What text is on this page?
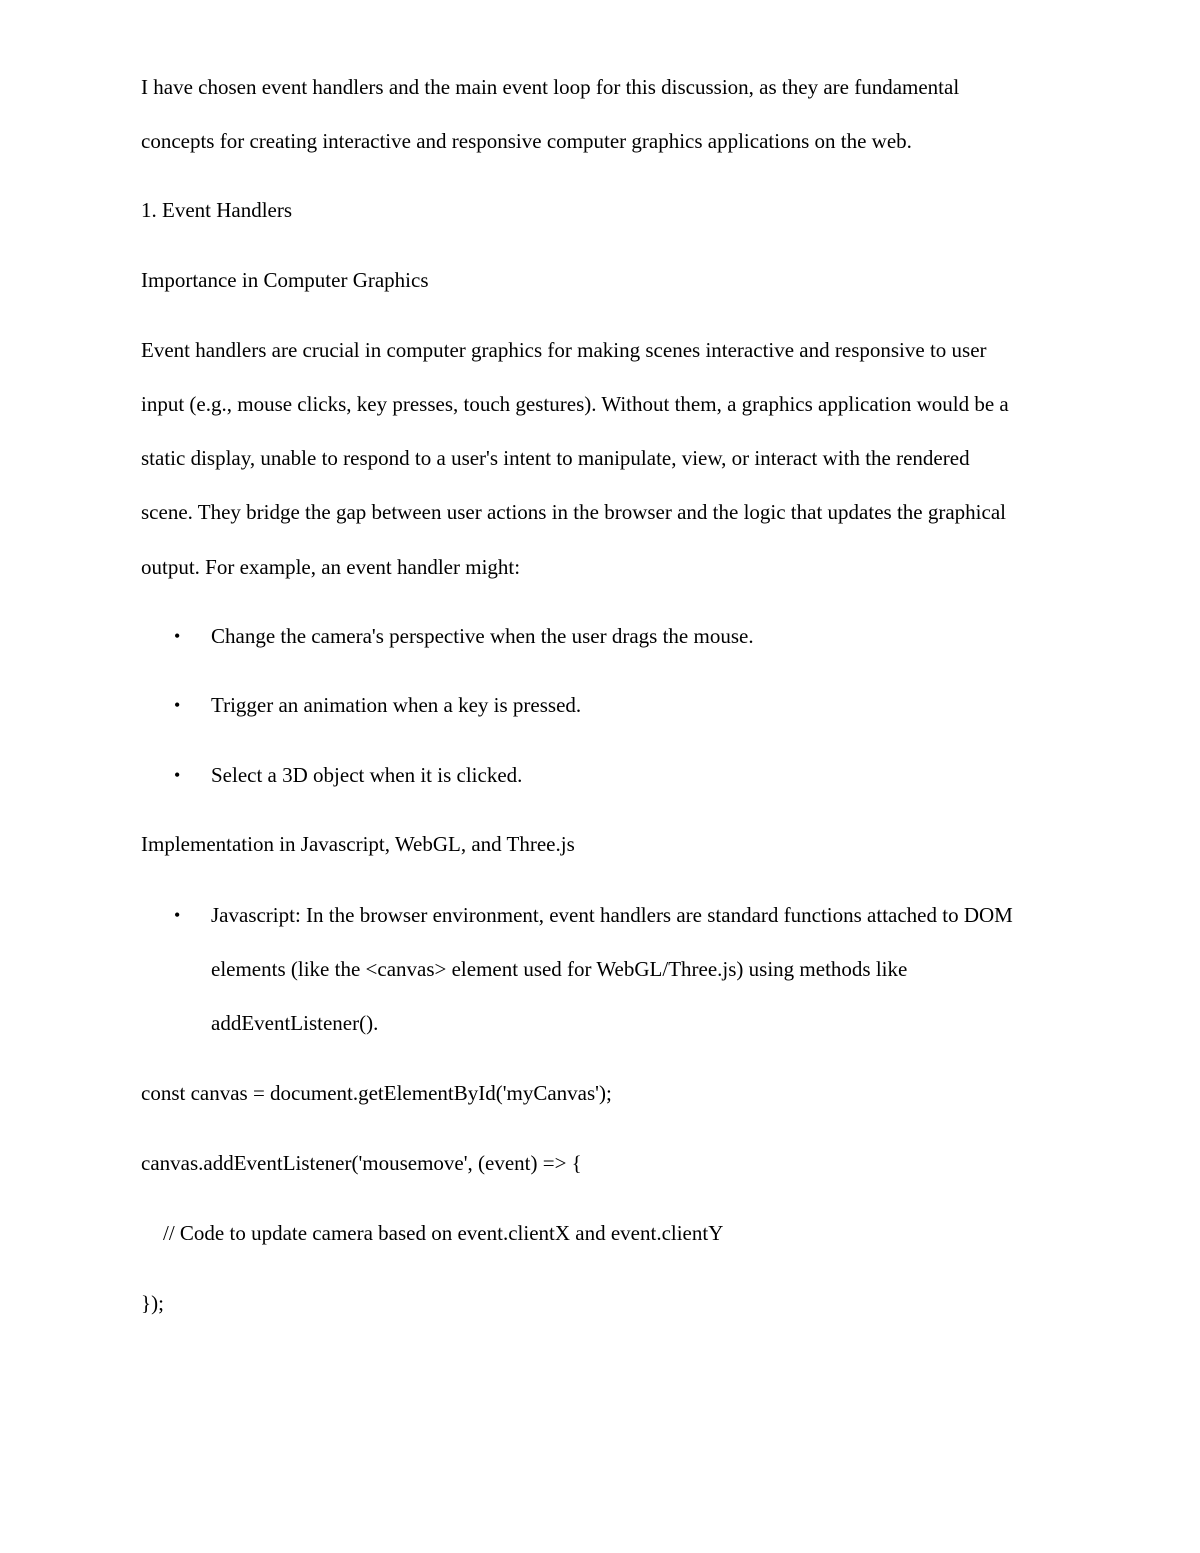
I have chosen event handlers and the main event loop for this discussion, as they are fundamental
concepts for creating interactive and responsive computer graphics applications on the web.
1. Event Handlers
Importance in Computer Graphics
Event handlers are crucial in computer graphics for making scenes interactive and responsive to user
input (e.g., mouse clicks, key presses, touch gestures). Without them, a graphics application would be a
static display, unable to respond to a user's intent to manipulate, view, or interact with the rendered
scene. They bridge the gap between user actions in the browser and the logic that updates the graphical
output. For example, an event handler might:
• Change the camera's perspective when the user drags the mouse.
• Trigger an animation when a key is pressed.
• Select a 3D object when it is clicked.
Implementation in Javascript, WebGL, and Three.js
• Javascript: In the browser environment, event handlers are standard functions attached to DOM
elements (like the <canvas> element used for WebGL/Three.js) using methods like
addEventListener().
const canvas = document.getElementById('myCanvas');
canvas.addEventListener('mousemove', (event) => {
// Code to update camera based on event.clientX and event.clientY
});
